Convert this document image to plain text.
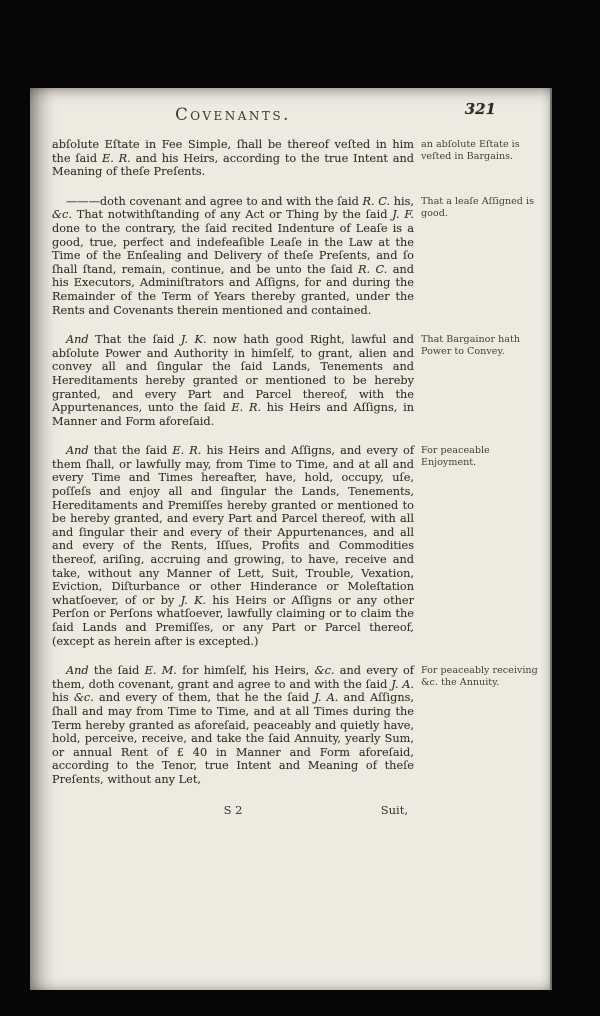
Covenants.	321

abſolute Eſtate in Fee Simple, ſhall be thereof veſted in him the ſaid E. R. and his Heirs, according to the true Intent and Meaning of theſe Preſents.

an abſolute Eſtate is veſted in Bargains.

———doth covenant and agree to and with the ſaid R. C. his, &c. That notwithſtanding of any Act or Thing by the ſaid J. F. done to the contrary, the ſaid recited Indenture of Leaſe is a good, true, perfect and indefeaſible Leaſe in the Law at the Time of the Enſealing and Delivery of theſe Preſents, and ſo ſhall ſtand, remain, continue, and be unto the ſaid R. C. and his Executors, Adminiſtrators and Aſſigns, for and during the Remainder of the Term of Years thereby granted, under the Rents and Covenants therein mentioned and contained.

That a leaſe Aſſigned is good.

And That the ſaid J. K. now hath good Right, lawful and abſolute Power and Authority in himſelf, to grant, alien and convey all and ſingular the ſaid Lands, Tenements and Hereditaments hereby granted or mentioned to be hereby granted, and every Part and Parcel thereof, with the Appurtenances, unto the ſaid E. R. his Heirs and Aſſigns, in Manner and Form aforeſaid.

That Bargainor hath Power to Convey.

And that the ſaid E. R. his Heirs and Aſſigns, and every of them ſhall, or lawfully may, from Time to Time, and at all and every Time and Times hereafter, have, hold, occupy, uſe, poſſeſs and enjoy all and ſingular the Lands, Tenements, Hereditaments and Premiſſes hereby granted or mentioned to be hereby granted, and every Part and Parcel thereof, with all and ſingular their and every of their Appurtenances, and all and every of the Rents, Iſſues, Profits and Commodities thereof, ariſing, accruing and growing, to have, receive and take, without any Manner of Lett, Suit, Trouble, Vexation, Eviction, Diſturbance or other Hinderance or Moleſtation whatſoever, of or by J. K. his Heirs or Aſſigns or any other Perſon or Perſons whatſoever, lawfully claiming or to claim the ſaid Lands and Premiſſes, or any Part or Parcel thereof, (except as herein after is excepted.)

For peaceable Enjoyment.

And the ſaid E. M. for himſelf, his Heirs, &c. and every of them, doth covenant, grant and agree to and with the ſaid J. A. his &c. and every of them, that he the ſaid J. A. and Aſſigns, ſhall and may from Time to Time, and at all Times during the Term hereby granted as aforeſaid, peaceably and quietly have, hold, perceive, receive, and take the ſaid Annuity, yearly Sum, or annual Rent of £ 40 in Manner and Form aforeſaid, according to the Tenor, true Intent and Meaning of theſe Preſents, without any Let,

For peaceably receiving &c. the Annuity.
S 2	Suit,
